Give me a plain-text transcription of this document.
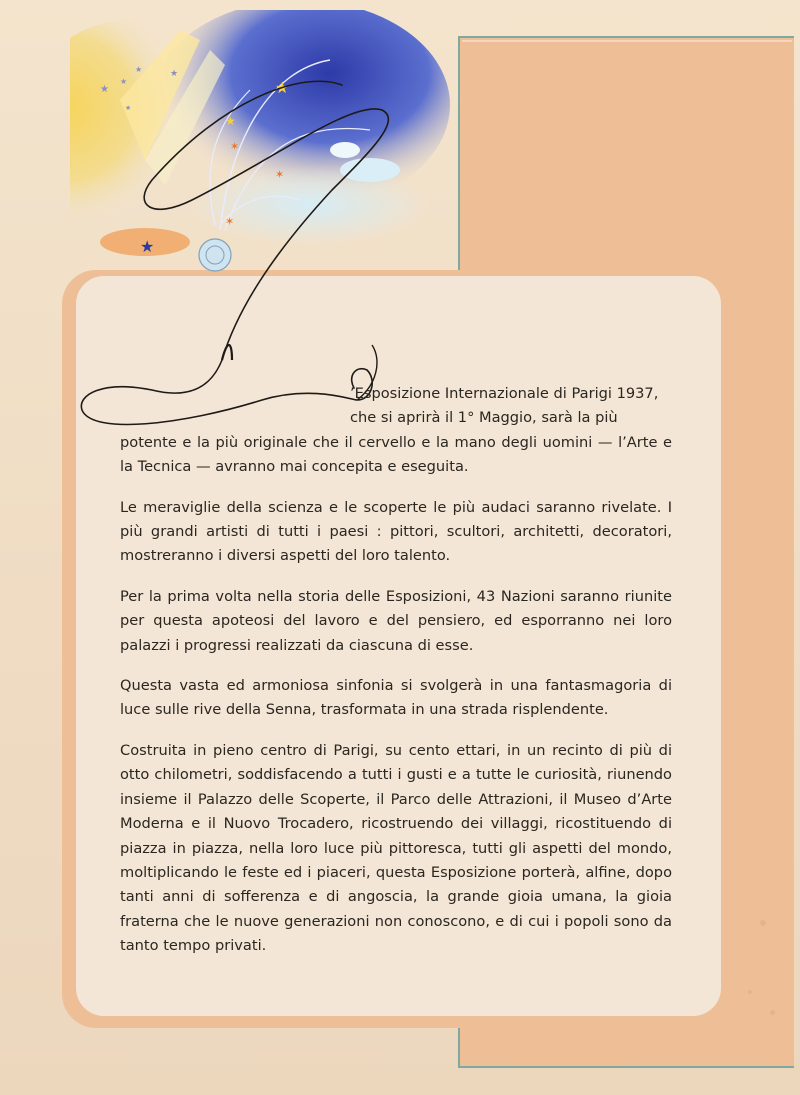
★
★
✶
✶
✶
★
★
★
★	★
★

’Esposizione Internazionale di Parigi 1937,
che si aprirà il 1° Maggio, sarà la più
potente e la più originale che il cervello e la mano degli uomini — l’Arte e la Tecnica — avranno mai concepita e eseguita.

Le meraviglie della scienza e le scoperte le più audaci saranno rivelate. I più grandi artisti di tutti i paesi : pittori, scultori, architetti, decoratori, mostreranno i diversi aspetti del loro talento.

Per la prima volta nella storia delle Esposizioni, 43 Nazioni saranno riunite per questa apoteosi del lavoro e del pensiero, ed esporranno nei loro palazzi i progressi realizzati da ciascuna di esse.

Questa vasta ed armoniosa sinfonia si svolgerà in una fantasmagoria di luce sulle rive della Senna, trasformata in una strada risplendente.

Costruita in pieno centro di Parigi, su cento ettari, in un recinto di più di otto chilometri, soddisfacendo a tutti i gusti e a tutte le curiosità, riunendo insieme il Palazzo delle Scoperte, il Parco delle Attrazioni, il Museo d’Arte Moderna e il Nuovo Trocadero, ricostruendo dei villaggi, ricostituendo di piazza in piazza, nella loro luce più pittoresca, tutti gli aspetti del mondo, moltiplicando le feste ed i piaceri, questa Esposizione porterà, alfine, dopo tanti anni di sofferenza e di angoscia, la grande gioia umana, la gioia fraterna che le nuove generazioni non conoscono, e di cui i popoli sono da tanto tempo privati.
